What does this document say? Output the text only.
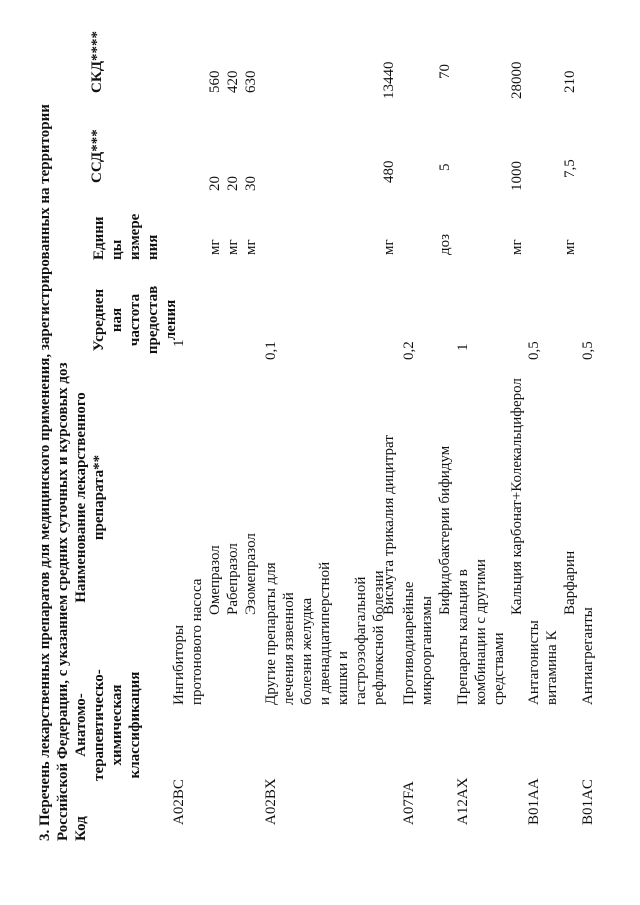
3. Перечень лекарственных препаратов для медицинского применения, зарегистрированных на территории Российской Федерации, с указанием средних суточных и курсовых доз Код
Анатомо- терапевтическо- химическая классификация
Наименование лекарственного препарата**
Усреднен ная частота предостав ления
Едини цы измере ния
ССД***
СКД****
A02BC
Ингибиторы протонового насоса
1
Омепразол Рабепразол Эзомепразол
мг мг мг
20 20 30
560 420 630
A02BX
Другие препараты для лечения язвенной болезни желудка и двенадцатиперстной кишки и гастроэзофагальной рефлюксной болезни
0,1
Висмута трикалия дицитрат
мг
480
13440
A07FA
Противодиарейные микроорганизмы
0,2
Бифидобактерии бифидум
доз
5
70
A12AX
Препараты кальция в комбинации с другими средствами
1
Кальция карбонат+Колекальциферол
мг
1000
28000
B01AA
Антагонисты витамина К
0,5
Варфарин
мг
7,5
210
B01AC
Антиагреганты
0,5
